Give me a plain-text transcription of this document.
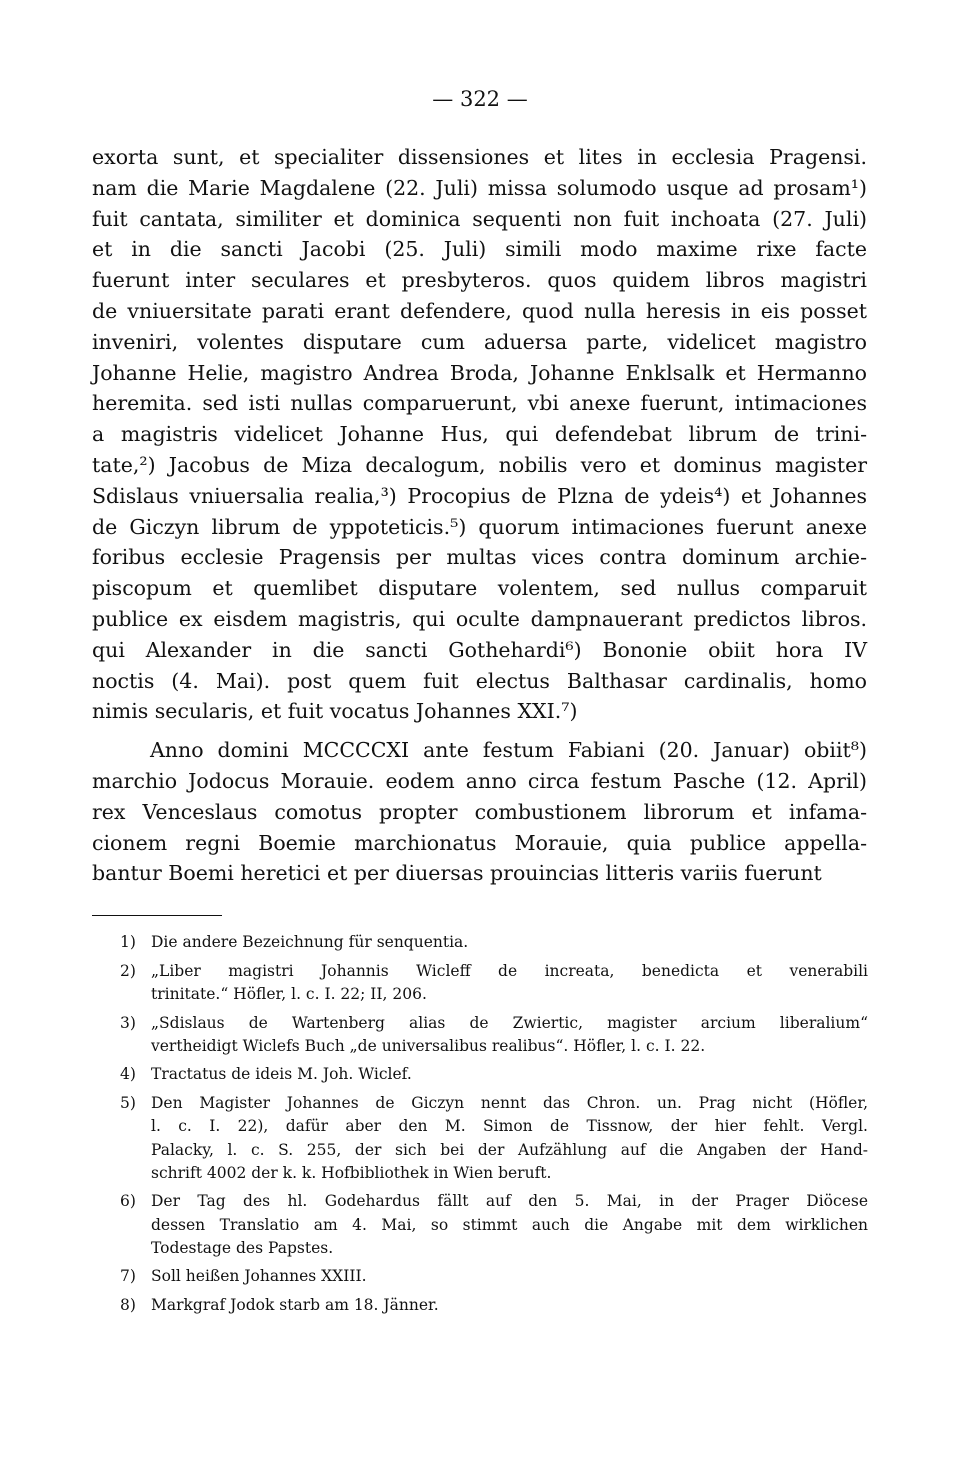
— 322 —
exorta sunt, et specialiter dissensiones et lites in ecclesia Pragensi.
nam die Marie Magdalene (22. Juli) missa solumodo usque ad prosam¹)
fuit cantata, similiter et dominica sequenti non fuit inchoata (27. Juli)
et in die sancti Jacobi (25. Juli) simili modo maxime rixe facte
fuerunt inter seculares et presbyteros. quos quidem libros magistri
de vniuersitate parati erant defendere, quod nulla heresis in eis posset
inveniri, volentes disputare cum aduersa parte, videlicet magistro
Johanne Helie, magistro Andrea Broda, Johanne Enklsalk et Hermanno
heremita. sed isti nullas comparuerunt, vbi anexe fuerunt, intimaciones
a magistris videlicet Johanne Hus, qui defendebat librum de trini-
tate,²) Jacobus de Miza decalogum, nobilis vero et dominus magister
Sdislaus vniuersalia realia,³) Procopius de Plzna de ydeis⁴) et Johannes
de Giczyn librum de yppoteticis.⁵) quorum intimaciones fuerunt anexe
foribus ecclesie Pragensis per multas vices contra dominum archie-
piscopum et quemlibet disputare volentem, sed nullus comparuit
publice ex eisdem magistris, qui oculte dampnauerant predictos libros.
qui Alexander in die sancti Gothehardi⁶) Bononie obiit hora IV
noctis (4. Mai). post quem fuit electus Balthasar cardinalis, homo
nimis secularis, et fuit vocatus Johannes XXI.⁷)
Anno domini MCCCCXI ante festum Fabiani (20. Januar) obiit⁸)
marchio Jodocus Morauie. eodem anno circa festum Pasche (12. April)
rex Venceslaus comotus propter combustionem librorum et infama-
cionem regni Boemie marchionatus Morauie, quia publice appella-
bantur Boemi heretici et per diuersas prouincias litteris variis fuerunt
1) Die andere Bezeichnung für senquentia.
2) „Liber magistri Johannis Wicleff de increata, benedicta et venerabili
trinitate.“ Höfler, l. c. I. 22; II, 206.
3) „Sdislaus de Wartenberg alias de Zwiertic, magister arcium liberalium“
vertheidigt Wiclefs Buch „de universalibus realibus“. Höfler, l. c. I. 22.
4) Tractatus de ideis M. Joh. Wiclef.
5) Den Magister Johannes de Giczyn nennt das Chron. un. Prag nicht (Höfler,
l. c. I. 22), dafür aber den M. Simon de Tissnow, der hier fehlt. Vergl.
Palacky, l. c. S. 255, der sich bei der Aufzählung auf die Angaben der Hand-
schrift 4002 der k. k. Hofbibliothek in Wien beruft.
6) Der Tag des hl. Godehardus fällt auf den 5. Mai, in der Prager Diöcese
dessen Translatio am 4. Mai, so stimmt auch die Angabe mit dem wirklichen
Todestage des Papstes.
7) Soll heißen Johannes XXIII.
8) Markgraf Jodok starb am 18. Jänner.
